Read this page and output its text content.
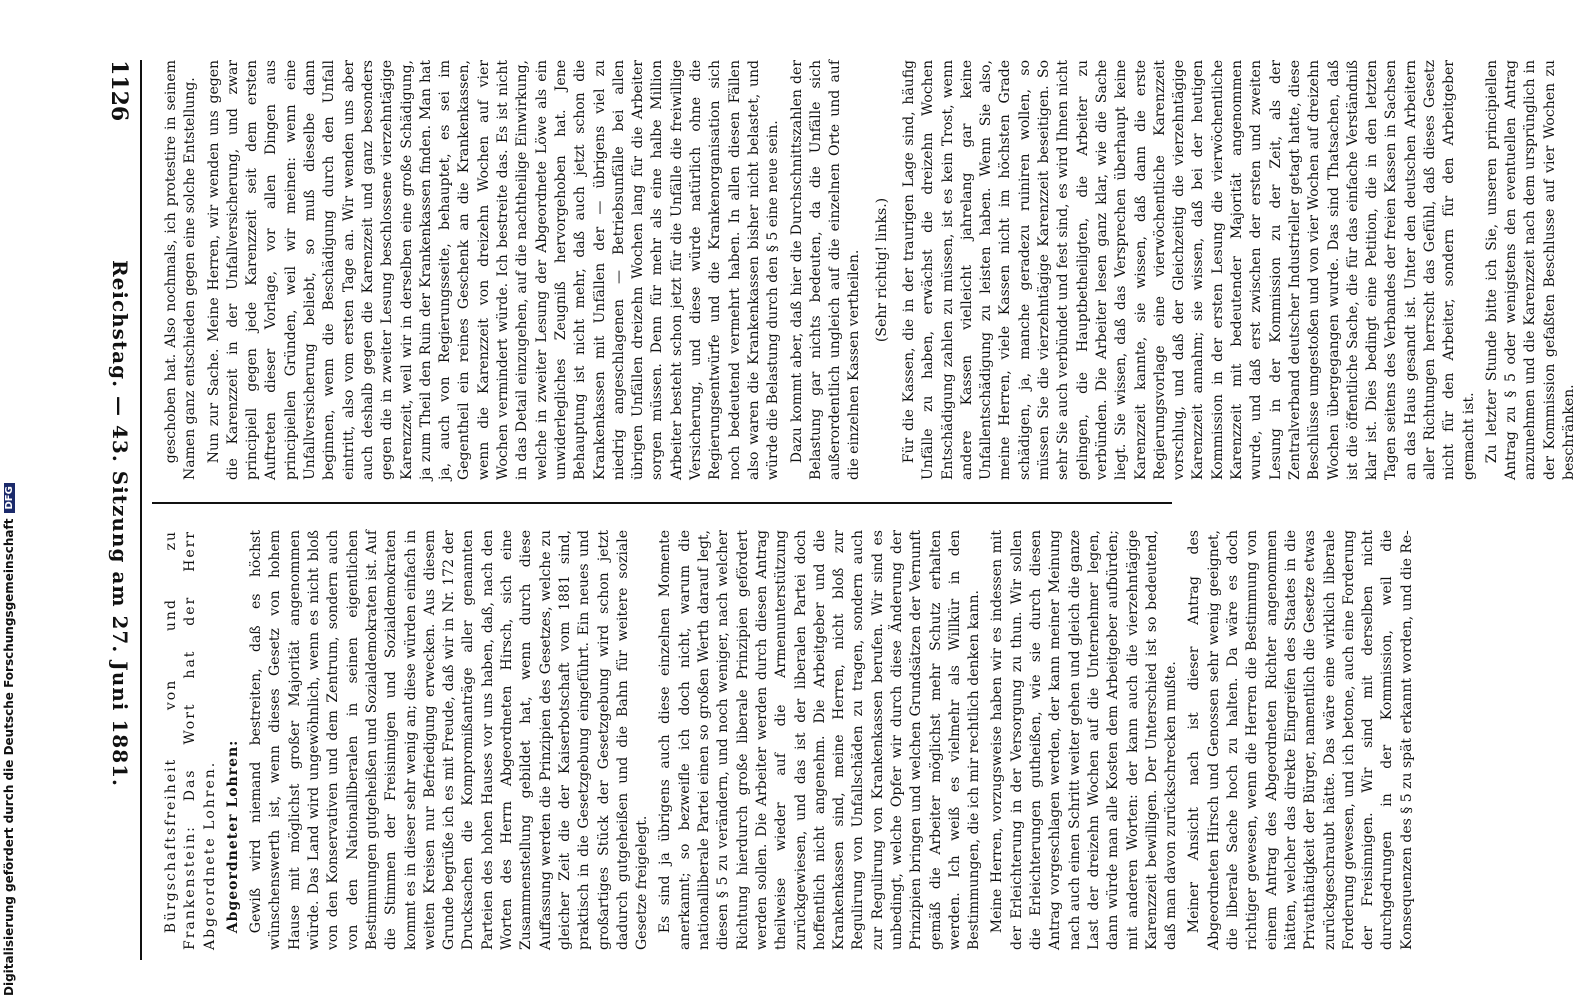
1126
Reichstag. — 43. Sitzung am 27. Juni 1881. geschoben hat. Also nochmals, ich protestire in seinem Namen ganz entschieden gegen eine solche Entstellung. Nun zur Sache. Meine Herren, wir wenden uns gegen die Karenzzeit in der Unfallversicherung, und zwar principiell gegen jede Karenzzeit seit dem ersten Auftreten dieser Vorlage, vor allen Dingen aus principiellen Gründen, weil wir meinen: wenn eine Unfallversicherung beliebt, so muß dieselbe dann beginnen, wenn die Beschädigung durch den Unfall eintritt, also vom ersten Tage an. Wir wenden uns aber auch deshalb gegen die Karenzzeit und ganz besonders gegen die in zweiter Lesung beschlossene vierzehntägige Karenzzeit, weil wir in derselben eine große Schädigung, ja zum Theil den Ruin der Krankenkassen finden. Man hat ja, auch von Regierungsseite, behauptet, es sei im Gegentheil ein reines Geschenk an die Krankenkassen, wenn die Karenzzeit von dreizehn Wochen auf vier Wochen vermindert würde. Ich bestreite das. Es ist nicht in das Detail einzugehen, auf die nachtheilige Einwirkung, welche in zweiter Lesung der Abgeordnete Löwe als ein unwiderlegliches Zeugniß hervorgehoben hat. Jene Behauptung ist nicht mehr, daß auch jetzt schon die Krankenkassen mit Unfällen der — übrigens viel zu niedrig angeschlagenen — Betriebsunfälle bei allen übrigen Unfällen dreizehn Wochen lang für die Arbeiter sorgen müssen. Denn für mehr als eine halbe Million Arbeiter besteht schon jetzt für die Unfälle die freiwillige Versicherung, und diese würde natürlich ohne die Regierungsentwürfe und die Krankenorganisation sich noch bedeutend vermehrt haben. In allen diesen Fällen also waren die Krankenkassen bisher nicht belastet, und würde die Belastung durch den § 5 eine neue sein. Dazu kommt aber, daß hier die Durchschnittszahlen der Belastung gar nichts bedeuten, da die Unfälle sich außerordentlich ungleich auf die einzelnen Orte und auf die einzelnen Kassen vertheilen. (Sehr richtig! links.) Für die Kassen, die in der traurigen Lage sind, häufig Unfälle zu haben, erwächst die dreizehn Wochen Entschädigung zahlen zu müssen, ist es kein Trost, wenn andere Kassen vielleicht jahrelang gar keine Unfallentschädigung zu leisten haben. Wenn Sie also, meine Herren, viele Kassen nicht im höchsten Grade schädigen, ja, manche geradezu ruiniren wollen, so müssen Sie die vierzehntägige Karenzzeit beseitigen. So sehr Sie auch verbündet und fest sind, es wird Ihnen nicht gelingen, die Hauptbetheiligten, die Arbeiter zu verbünden. Die Arbeiter lesen ganz klar, wie die Sache liegt. Sie wissen, daß das Versprechen überhaupt keine Karenzzeit kannte, sie wissen, daß dann die erste Regierungsvorlage eine vierwöchentliche Karenzzeit vorschlug, und daß der Gleichzeitig die vierzehntägige Karenzzeit annahm; sie wissen, daß bei der heutigen Kommission in der ersten Lesung die vierwöchentliche Karenzzeit mit bedeutender Majorität angenommen wurde, und daß erst zwischen der ersten und zweiten Lesung in der Kommission zu der Zeit, als der Zentralverband deutscher Industrieller getagt hatte, diese Beschlüsse umgestoßen und von vier Wochen auf dreizehn Wochen übergegangen wurde. Das sind Thatsachen, daß ist die öffentliche Sache, die für das einfache Verständniß klar ist. Dies bedingt eine Petition, die in den letzten Tagen seitens des Verbandes der freien Kassen in Sachsen an das Haus gesandt ist. Unter den deutschen Arbeitern aller Richtungen herrscht das Gefühl, daß dieses Gesetz nicht für den Arbeiter, sondern für den Arbeitgeber gemacht ist. Zu letzter Stunde bitte ich Sie, unseren principiellen Antrag zu § 5 oder wenigstens den eventuellen Antrag anzunehmen und die Karenzzeit nach dem ursprünglich in der Kommission gefaßten Beschlusse auf vier Wochen zu beschränken.

Bürgschaftsfreiheit von und zu Frankenstein: Das Wort hat der Herr Abgeordnete Lohren. Abgeordneter Lohren: Gewiß wird niemand bestreiten, daß es höchst wünschenswerth ist, wenn dieses Gesetz von hohem Hause mit möglichst großer Majorität angenommen würde. Das Land wird ungewöhnlich, wenn es nicht bloß von den Konservativen und dem Zentrum, sondern auch von den Nationalliberalen in seinen eigentlichen Bestimmungen gutgeheißen und Sozialdemokraten ist. Auf die Stimmen der Freisinnigen und Sozialdemokraten kommt es in dieser sehr wenig an; diese würden einfach in weiten Kreisen nur Befriedigung erwecken. Aus diesem Grunde begrüße ich es mit Freude, daß wir in Nr. 172 der Drucksachen die Kompromißanträge aller genannten Parteien des hohen Hauses vor uns haben, daß, nach den Worten des Herrn Abgeordneten Hirsch, sich eine Zusammenstellung gebildet hat, wenn durch diese Auffassung werden die Prinzipien des Gesetzes, welche zu gleicher Zeit die der Kaiserbotschaft vom 1881 sind, praktisch in die Gesetzgebung eingeführt. Ein neues und großartiges Stück der Gesetzgebung wird schon jetzt dadurch gutgeheißen und die Bahn für weitere soziale Gesetze freigelegt. Es sind ja übrigens auch diese einzelnen Momente anerkannt; so bezweifle ich doch nicht, warum die nationalliberale Partei einen so großen Werth darauf legt, diesen § 5 zu verändern, und noch weniger, nach welcher Richtung hierdurch große liberale Prinzipien gefördert werden sollen. Die Arbeiter werden durch diesen Antrag theilweise wieder auf die Armenunterstützung zurückgewiesen, und das ist der liberalen Partei doch hoffentlich nicht angenehm. Die Arbeitgeber und die Krankenkassen sind, meine Herren, nicht bloß zur Regulirung von Unfallschäden zu tragen, sondern auch zur Regulirung von Krankenkassen berufen. Wir sind es unbedingt, welche Opfer wir durch diese Änderung der Prinzipien bringen und welchen Grundsätzen der Vernunft gemäß die Arbeiter möglichst mehr Schutz erhalten werden. Ich weiß es vielmehr als Willkür in den Bestimmungen, die ich mir rechtlich denken kann. Meine Herren, vorzugsweise haben wir es indessen mit der Erleichterung in der Versorgung zu thun. Wir sollen die Erleichterungen gutheißen, wie sie durch diesen Antrag vorgeschlagen werden, der kann meiner Meinung nach auch einen Schritt weiter gehen und gleich die ganze Last der dreizehn Wochen auf die Unternehmer legen, dann würde man alle Kosten dem Arbeitgeber aufbürden; mit anderen Worten: der kann auch die vierzehntägige Karenzzeit bewilligen. Der Unterschied ist so bedeutend, daß man davon zurückschrecken mußte. Meiner Ansicht nach ist dieser Antrag des Abgeordneten Hirsch und Genossen sehr wenig geeignet, die liberale Sache hoch zu halten. Da wäre es doch richtiger gewesen, wenn die Herren die Bestimmung von einem Antrag des Abgeordneten Richter angenommen hätten, welcher das direkte Eingreifen des Staates in die Privatthätigkeit der Bürger, namentlich die Gesetze etwas zurückgeschraubt hätte. Das wäre eine wirklich liberale Forderung gewesen, und ich betone, auch eine Forderung der Freisinnigen. Wir sind mit derselben nicht durchgedrungen in der Kommission, weil die Konsequenzen des § 5 zu spät erkannt worden, und die Re-

Digitalisierung gefördert durch die Deutsche ForschungsgemeinschaftDFG
